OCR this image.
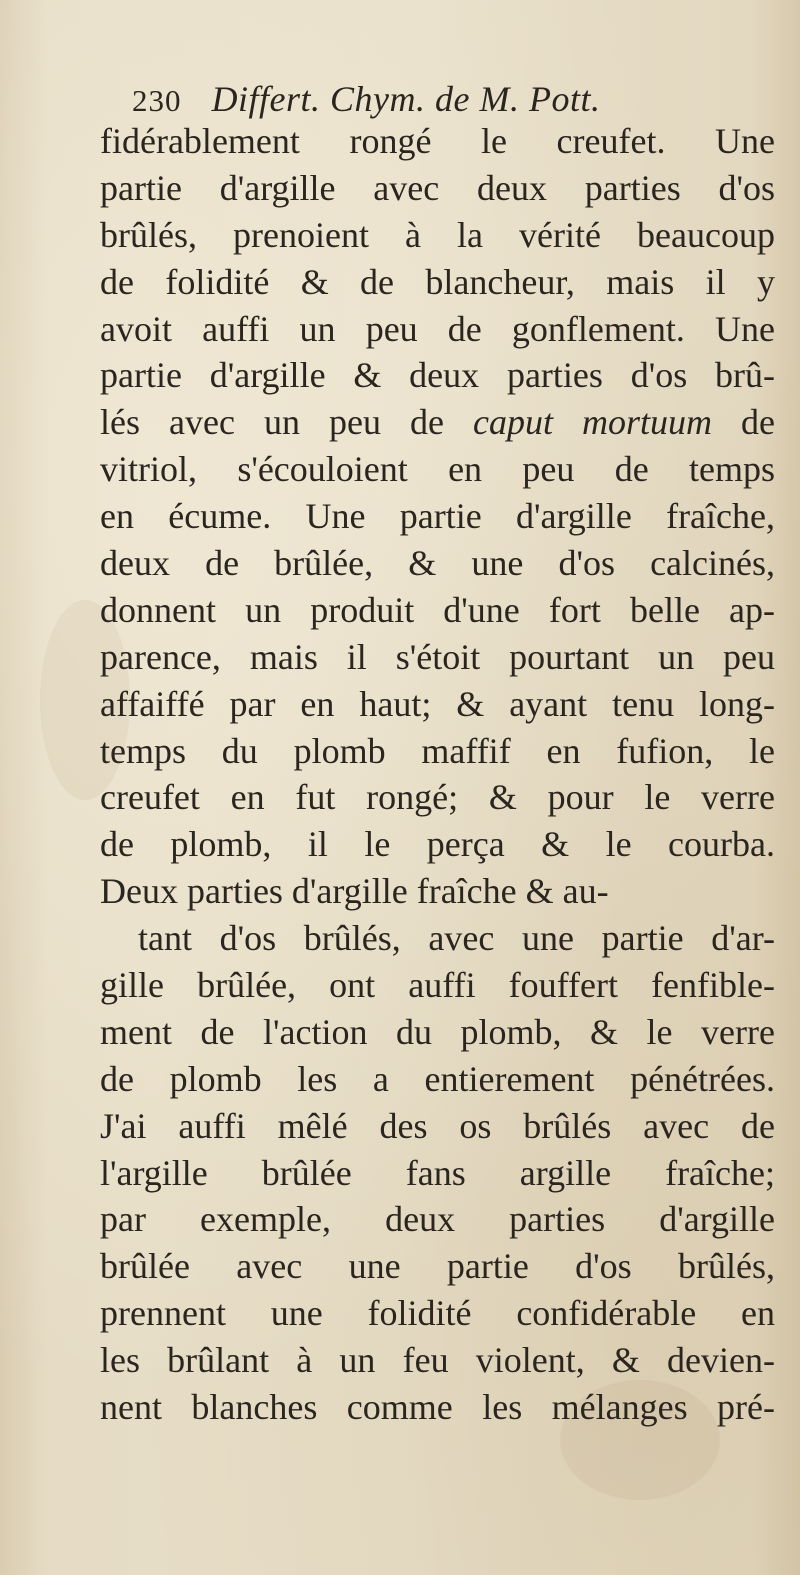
230 Differt. Chym. de M. Pott.
fidérablement rongé le creufet. Une
partie d'argille avec deux parties d'os
brûlés, prenoient à la vérité beaucoup
de folidité & de blancheur, mais il y
avoit auffi un peu de gonflement. Une
partie d'argille & deux parties d'os brû-
lés avec un peu de caput mortuum de
vitriol, s'écouloient en peu de temps
en écume. Une partie d'argille fraîche,
deux de brûlée, & une d'os calcinés,
donnent un produit d'une fort belle ap-
parence, mais il s'étoit pourtant un peu
affaiffé par en haut; & ayant tenu long-
temps du plomb maffif en fufion, le
creufet en fut rongé; & pour le verre
de plomb, il le perça & le courba.
Deux parties d'argille fraîche & au-
tant d'os brûlés, avec une partie d'ar-
gille brûlée, ont auffi fouffert fenfible-
ment de l'action du plomb, & le verre
de plomb les a entierement pénétrées.
J'ai auffi mêlé des os brûlés avec de
l'argille brûlée fans argille fraîche;
par exemple, deux parties d'argille
brûlée avec une partie d'os brûlés,
prennent une folidité confidérable en
les brûlant à un feu violent, & devien-
nent blanches comme les mélanges pré-
